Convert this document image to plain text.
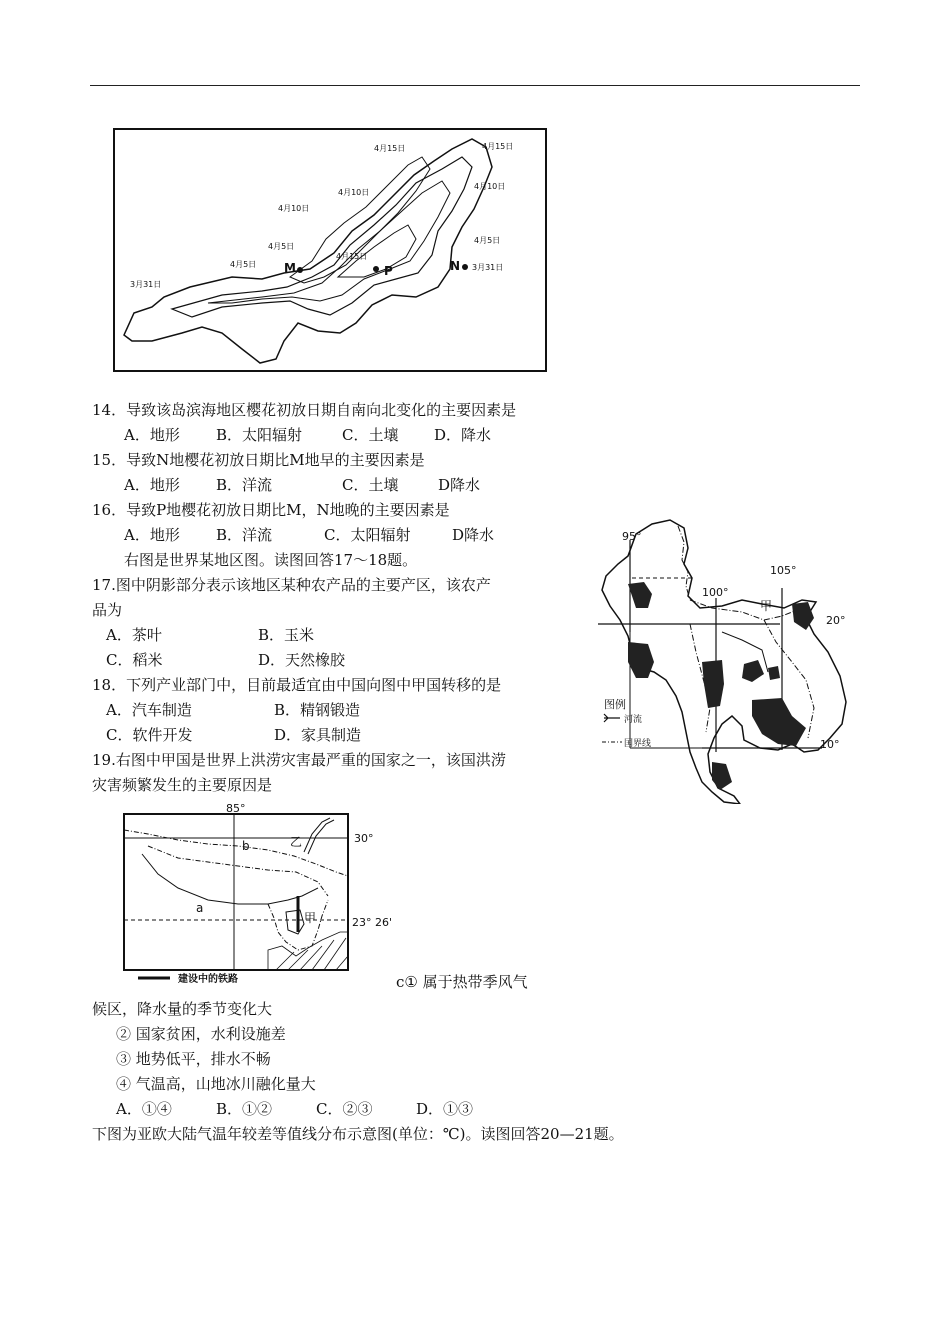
4月15日	4月15日
4月10日
4月10日
4月10日
4月5日
4月5日
4月5日
4月15日
3月31日
3月31日
M	P	N
95°
100°
105°
20°
10°
甲
图例
河流
国界线
85°
30°
23° 26'
b	乙
a
甲
建设中的铁路
14．导致该岛滨海地区樱花初放日期自南向北变化的主要因素是
A．地形 B．太阳辐射	C．土壤 D．降水
15．导致N地樱花初放日期比M地早的主要因素是
A．地形 B．洋流	C．土壤	D降水
16．导致P地樱花初放日期比M，N地晚的主要因素是
A．地形 B．洋流	C．太阳辐射	D降水
右图是世界某地区图。读图回答17～18题。
17.图中阴影部分表示该地区某种农产品的主要产区，该农产
品为
A．茶叶	B．玉米
C．稻米	D．天然橡胶
18．下列产业部门中，目前最适宜由中国向图中甲国转移的是
A．汽车制造	B．精钢锻造
C．软件开发	D．家具制造
19.右图中甲国是世界上洪涝灾害最严重的国家之一，该国洪涝
灾害频繁发生的主要原因是
c① 属于热带季风气
候区，降水量的季节变化大
② 国家贫困，水利设施差
③ 地势低平，排水不畅
④ 气温高，山地冰川融化量大
A．①④	B．①②	C．②③	D．①③
下图为亚欧大陆气温年较差等值线分布示意图(单位：℃)。读图回答20—21题。
